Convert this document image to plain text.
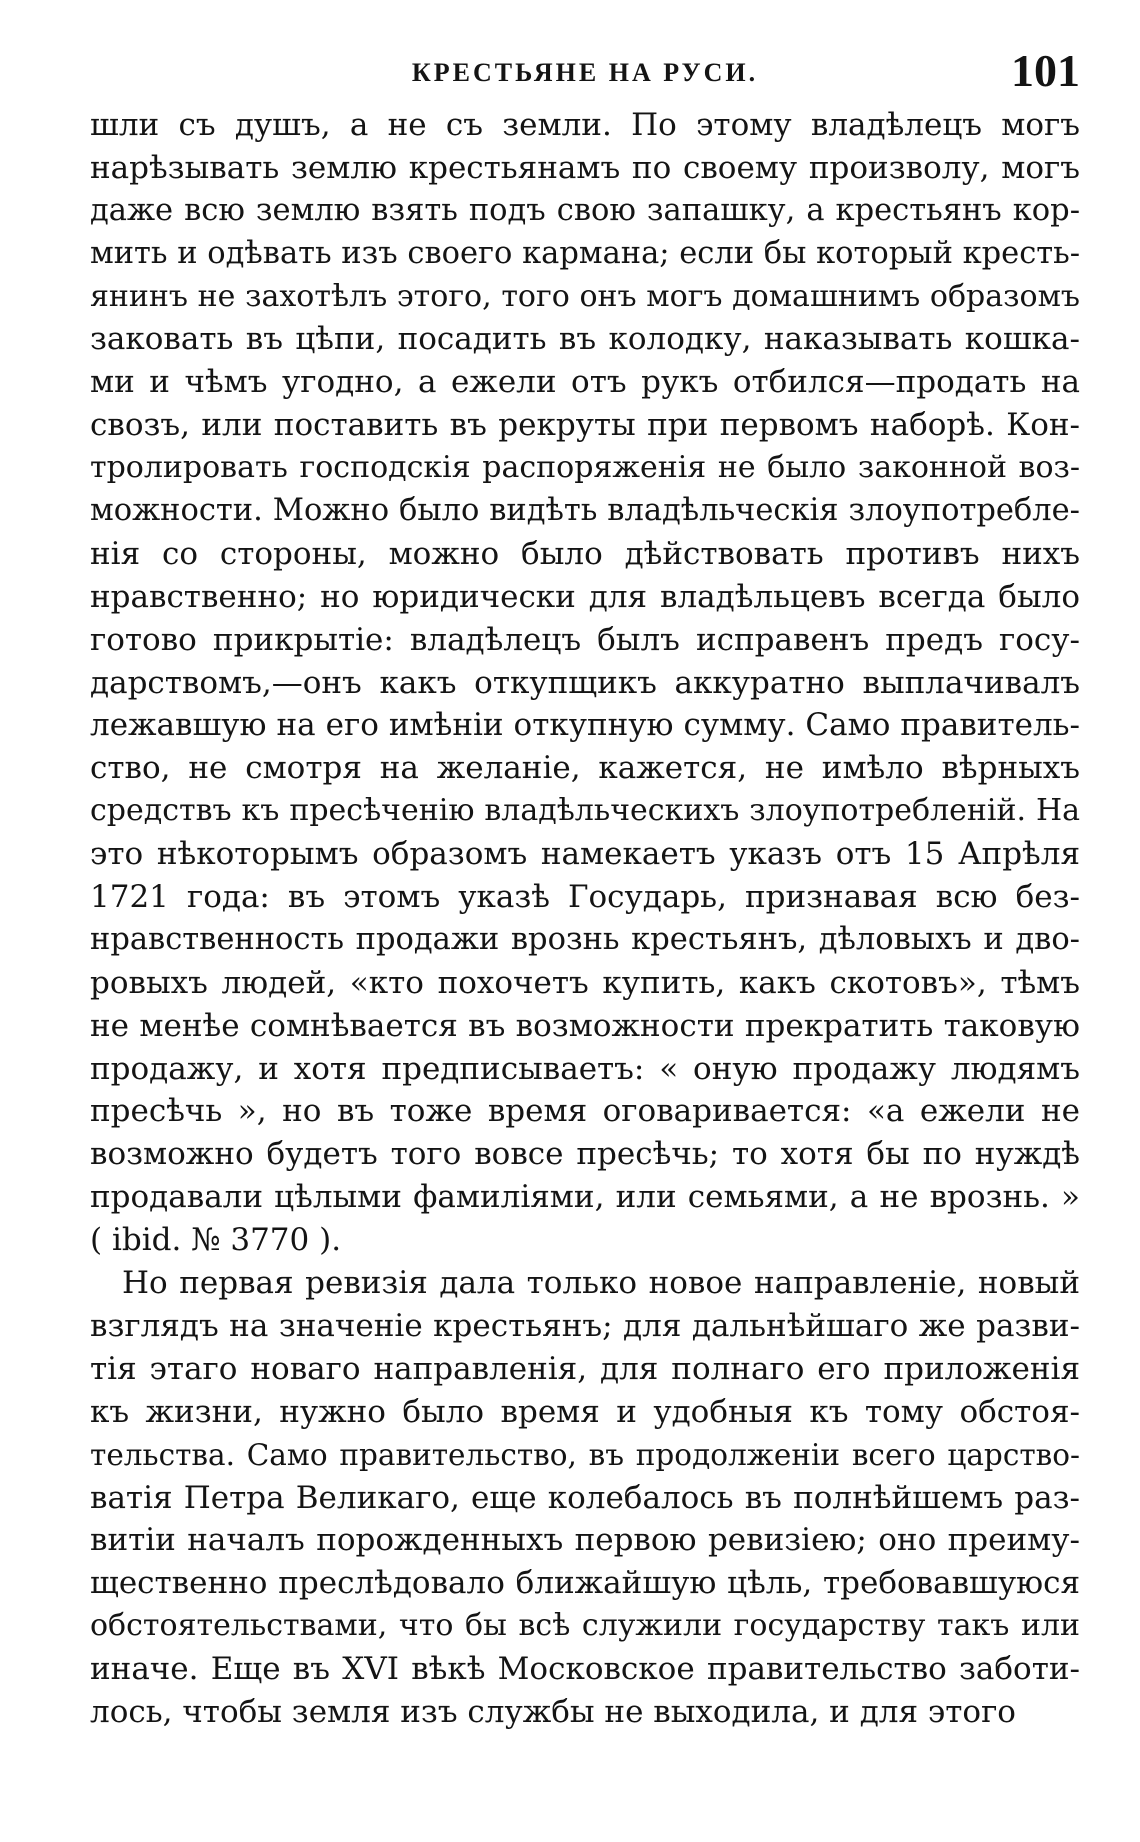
КРЕСТЬЯНЕ НА РУСИ.	101
шли съ душъ, а не съ земли. По этому владѣлецъ могъ
нарѣзывать землю крестьянамъ по своему произволу, могъ
даже всю землю взять подъ свою запашку, а крестьянъ кор-
мить и одѣвать изъ своего кармана; если бы который кресть-
янинъ не захотѣлъ этого, того онъ могъ домашнимъ образомъ
заковать въ цѣпи, посадить въ колодку, наказывать кошка-
ми и чѣмъ угодно, а ежели отъ рукъ отбился—продать на
свозъ, или поставить въ рекруты при первомъ наборѣ. Кон-
тролировать господскія распоряженія не было законной воз-
можности. Можно было видѣть владѣльческія злоупотребле-
нія со стороны, можно было дѣйствовать противъ нихъ
нравственно; но юридически для владѣльцевъ всегда было
готово прикрытіе: владѣлецъ былъ исправенъ предъ госу-
дарствомъ,—онъ какъ откупщикъ аккуратно выплачивалъ
лежавшую на его имѣніи откупную сумму. Само правитель-
ство, не смотря на желаніе, кажется, не имѣло вѣрныхъ
средствъ къ пресѣченію владѣльческихъ злоупотребленій. На
это нѣкоторымъ образомъ намекаетъ указъ отъ 15 Апрѣля
1721 года: въ этомъ указѣ Государь, признавая всю без-
нравственность продажи врознь крестьянъ, дѣловыхъ и дво-
ровыхъ людей, «кто похочетъ купить, какъ скотовъ», тѣмъ
не менѣе сомнѣвается въ возможности прекратить таковую
продажу, и хотя предписываетъ: « оную продажу людямъ
пресѣчь », но въ тоже время оговаривается: «а ежели не
возможно будетъ того вовсе пресѣчь; то хотя бы по нуждѣ
продавали цѣлыми фамиліями, или семьями, а не врознь. »
( ibid. № 3770 ).
Но первая ревизія дала только новое направленіе, новый
взглядъ на значеніе крестьянъ; для дальнѣйшаго же разви-
тія этаго новаго направленія, для полнаго его приложенія
къ жизни, нужно было время и удобныя къ тому обстоя-
тельства. Само правительство, въ продолженіи всего царство-
ватія Петра Великаго, еще колебалось въ полнѣйшемъ раз-
витіи началъ порожденныхъ первою ревизіею; оно преиму-
щественно преслѣдовало ближайшую цѣль, требовавшуюся
обстоятельствами, что бы всѣ служили государству такъ или
иначе. Еще въ XVI вѣкѣ Московское правительство заботи-
лось, чтобы земля изъ службы не выходила, и для этого
